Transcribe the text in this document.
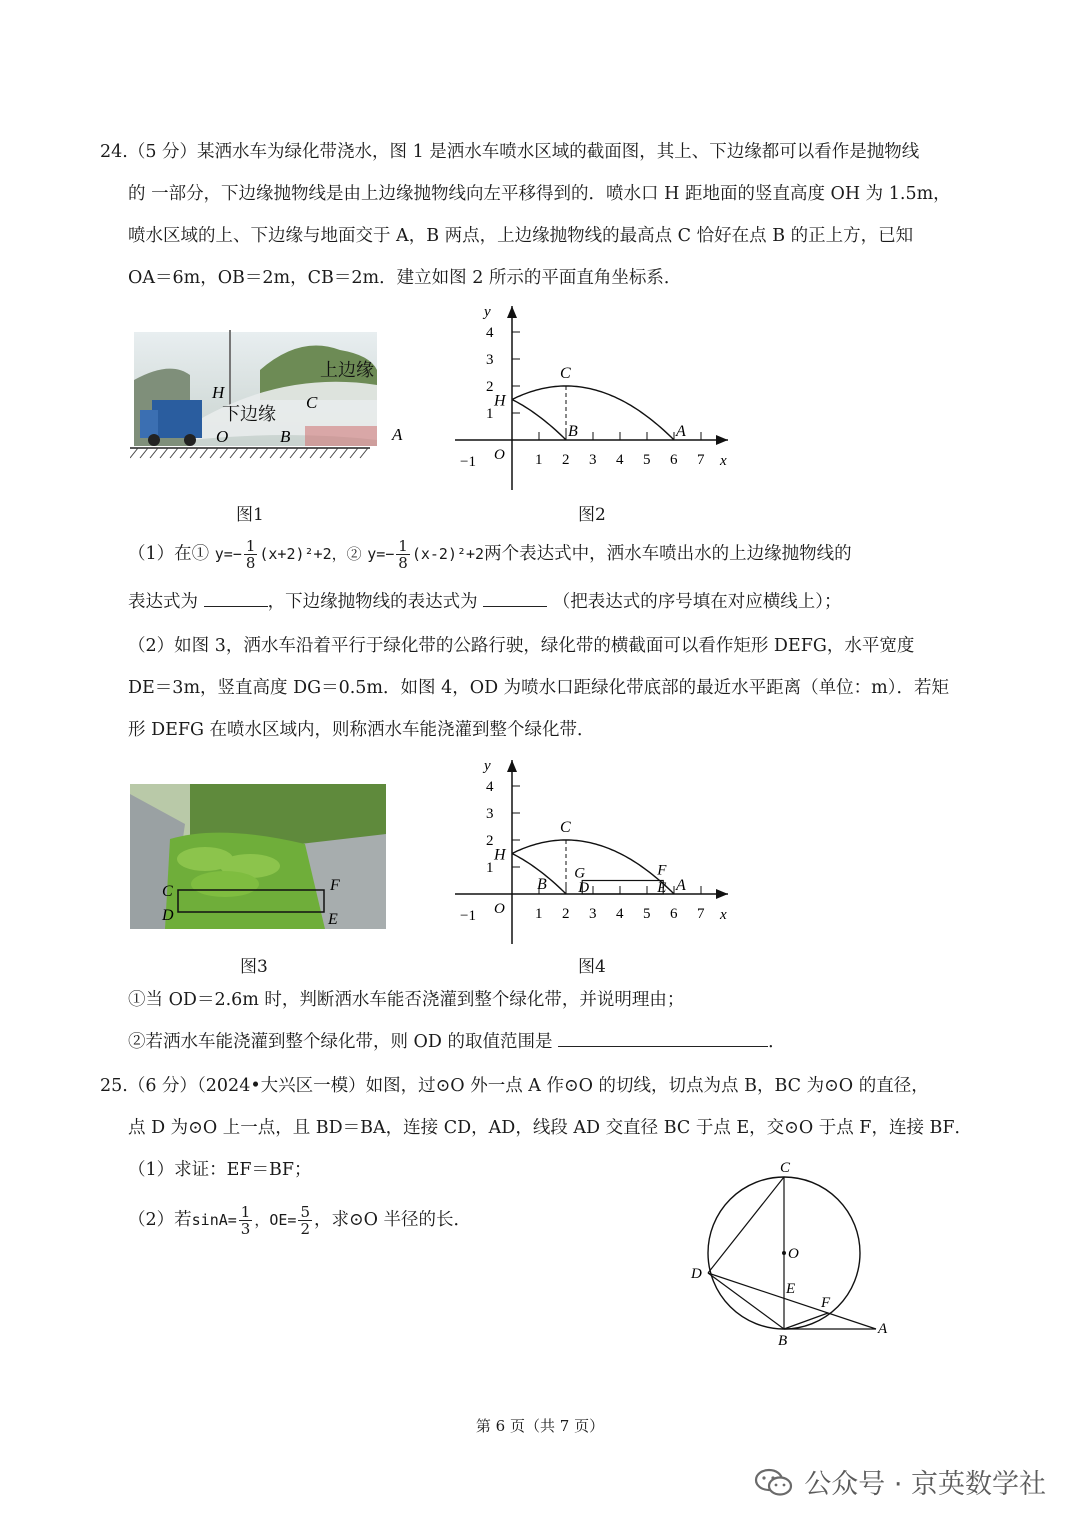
24.（5 分）某洒水车为绿化带浇水，图 1 是洒水车喷水区域的截面图，其上、下边缘都可以看作是抛物线
的 一部分，下边缘抛物线是由上边缘抛物线向左平移得到的．喷水口 H 距地面的竖直高度 OH 为 1.5m，
喷水区域的上、下边缘与地面交于 A，B 两点，上边缘抛物线的最高点 C 恰好在点 B 的正上方，已知
OA＝6m，OB＝2m，CB＝2m．建立如图 2 所示的平面直角坐标系．
上边缘
下边缘
H
C
O	B	A
图1
1
2
3
4
1 2 3 4 5 6 7
−1 O
y
x
H
C
A
B
图2
（1）在① $y=- \frac{1}{8} (x+2)^2+2$，② $y=- \frac{1}{8} (x-2)^2+2$两个表达式中，洒水车喷出水的上边缘抛物线的
表达式为	，下边缘抛物线的表达式为	（把表达式的序号填在对应横线上）；
（2）如图 3，洒水车沿着平行于绿化带的公路行驶，绿化带的横截面可以看作矩形 DEFG，水平宽度
DE＝3m，竖直高度 DG＝0.5m．如图 4，OD 为喷水口距绿化带底部的最近水平距离（单位：m）．若矩
形 DEFG 在喷水区域内，则称洒水车能浇灌到整个绿化带．
C
D
F
E
图3
1
2
3
4
1 2 3 4 5 6 7
−1 O
y
x
H
C
A
B
G	F
D	E
图4
①当 OD＝2.6m 时，判断洒水车能否浇灌到整个绿化带，并说明理由；
②若洒水车能浇灌到整个绿化带，则 OD 的取值范围是	．
25.（6 分）（2024•大兴区一模）如图，过⊙O 外一点 A 作⊙O 的切线，切点为点 B，BC 为⊙O 的直径，
点 D 为⊙O 上一点，且 BD＝BA，连接 CD，AD，线段 AD 交直径 BC 于点 E，交⊙O 于点 F，连接 BF．
（1）求证：EF＝BF；
（2）若$\sin A= \frac{1}{3}$ ，$OE= \frac{5}{2}$ ，求⊙O 半径的长．
C
O
D
E
F
B
A
第 6 页（共 7 页）
公众号 · 京英数学社
